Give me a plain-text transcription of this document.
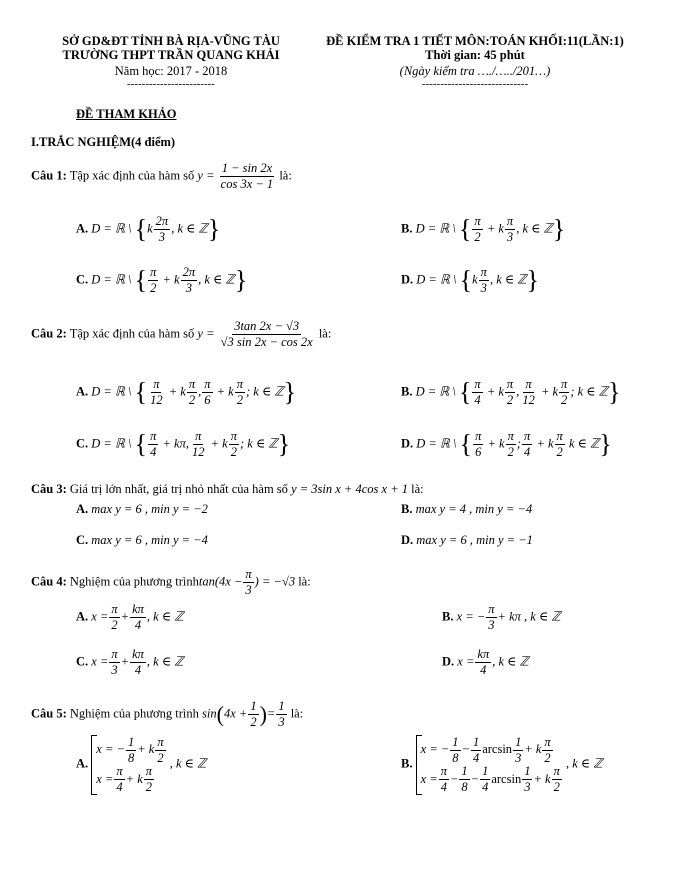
SỞ GD&ĐT TỈNH BÀ RỊA-VŨNG TÀU
TRƯỜNG THPT TRẦN QUANG KHẢI
Năm học: 2017 - 2018
------------------------
ĐỀ KIỂM TRA 1 TIẾT MÔN:TOÁN KHỐI:11(LẦN:1)
Thời gian: 45 phút
(Ngày kiểm tra …./…../201…)
-----------------------------
ĐỀ THAM KHẢO
I.TRẮC NGHIỆM(4 điểm)
Câu 1: Tập xác định của hàm số $y = \frac{1 - \sin 2x}{\cos 3x - 1}$ là:
A. D = ℝ \ {$k \frac{2\pi}{3}$ , k ∈ ℤ}	B. D = ℝ \ { $\frac{\pi}{2} + k \frac{\pi}{3}$ , k ∈ ℤ}
C. D = ℝ \ { $\frac{\pi}{2} + k \frac{2\pi}{3}$ , k ∈ ℤ}	D. D = ℝ \ {$k \frac{\pi}{3}$ , k ∈ ℤ}
Câu 2: Tập xác định của hàm số $y = \frac{3\tan 2x - √3}{√3 \sin 2x - \cos 2x}$ là:
A. D = ℝ \ { $\frac{\pi}{12} + k \frac{\pi}{2}$ , $\frac{\pi}{6} + k \frac{\pi}{2}$ ; k ∈ ℤ}	B. D = ℝ \ { $\frac{\pi}{4} + k \frac{\pi}{2}$ , $\frac{\pi}{12} + k \frac{\pi}{2}$ ; k ∈ ℤ}
C. D = ℝ \ { $\frac{\pi}{4} + k\pi$, $\frac{\pi}{12} + k \frac{\pi}{2}$ ; k ∈ ℤ}	D. D = ℝ \ { $\frac{\pi}{6} + k \frac{\pi}{2}$ ; $\frac{\pi}{4} + k \frac{\pi}{2}$ k ∈ ℤ}
Câu 3: Giá trị lớn nhất, giá trị nhỏ nhất của hàm số y = 3sin x + 4cos x + 1 là:
A. max y = 6 , min y = −2	B. max y = 4 , min y = −4
C. max y = 6 , min y = −4	D. max y = 6 , min y = −1
Câu 4: Nghiệm của phương trìnhtan(4x − $\frac{\pi}{3}$ ) = −√3 là:
A. $x = \frac{\pi}{2} + \frac{k\pi}{4}$ , k ∈ ℤ	B. x = − $\frac{\pi}{3} + k\pi$ , k ∈ ℤ
C. $x = \frac{\pi}{3} + \frac{k\pi}{4}$ , k ∈ ℤ	D. $x = \frac{k\pi}{4}$ , k ∈ ℤ
Câu 5: Nghiệm của phương trình $\sin(4x + \frac{1}{2}$ )= $\frac{1}{3}$ là:
A.
x = − $\frac{1}{8} + k \frac{\pi}{2}$
$x = \frac{\pi}{4} + k \frac{\pi}{2}$
, k ∈ ℤ	B.
x = − $\frac{1}{8} - \frac{1}{4}$ $\arcsin \frac{1}{3} + k \frac{\pi}{2}$
$x = \frac{\pi}{4} - \frac{1}{8} - \frac{1}{4}$ $\arcsin \frac{1}{3} + k \frac{\pi}{2}$
, k ∈ ℤ
